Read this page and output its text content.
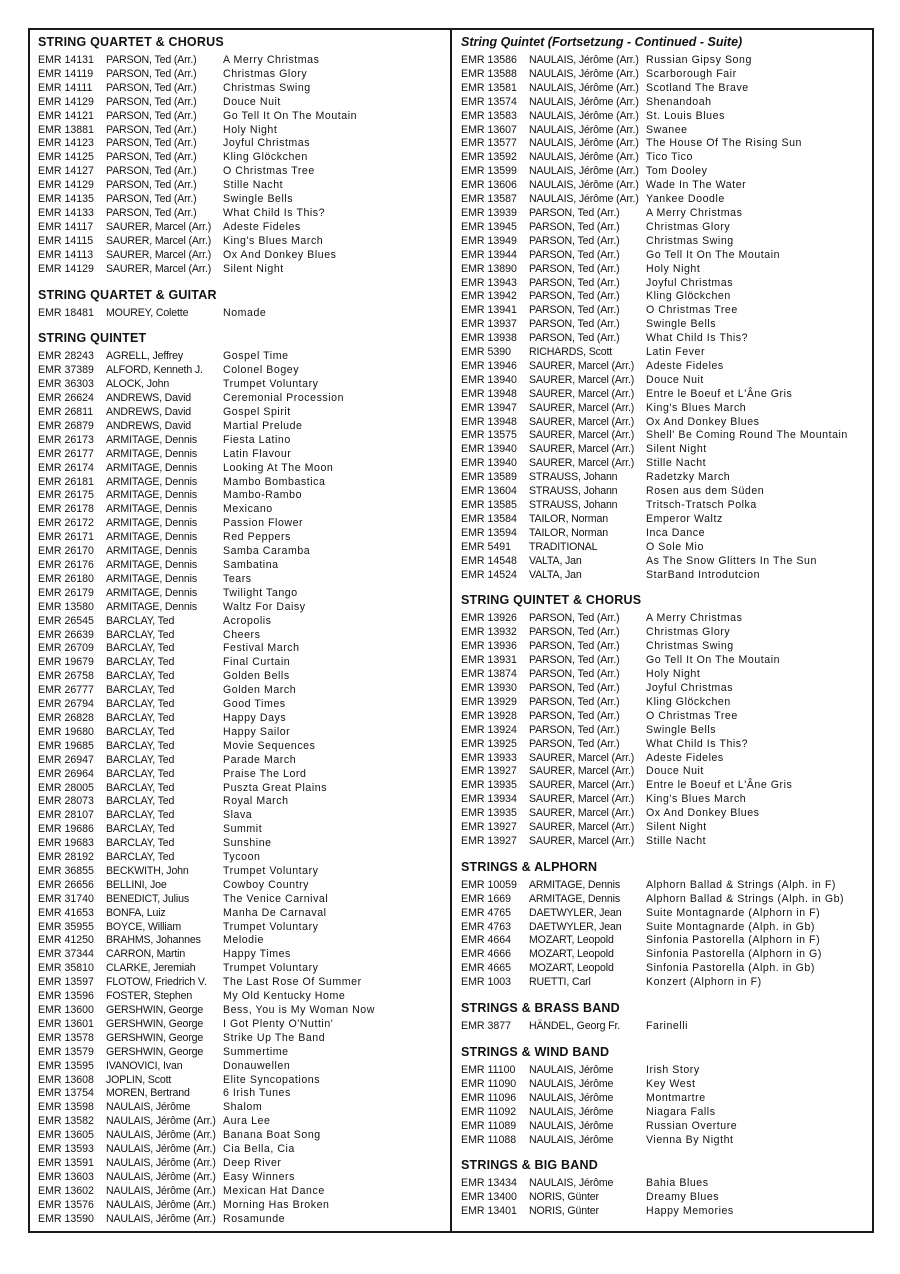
STRING QUARTET & CHORUS
EMR 14131	PARSON, Ted (Arr.)	A Merry Christmas
EMR 14119	PARSON, Ted (Arr.)	Christmas Glory
EMR 14111	PARSON, Ted (Arr.)	Christmas Swing
EMR 14129	PARSON, Ted (Arr.)	Douce Nuit
EMR 14121	PARSON, Ted (Arr.)	Go Tell It On The Moutain
EMR 13881	PARSON, Ted (Arr.)	Holy Night
EMR 14123	PARSON, Ted (Arr.)	Joyful Christmas
EMR 14125	PARSON, Ted (Arr.)	Kling Glöckchen
EMR 14127	PARSON, Ted (Arr.)	O Christmas Tree
EMR 14129	PARSON, Ted (Arr.)	Stille Nacht
EMR 14135	PARSON, Ted (Arr.)	Swingle Bells
EMR 14133	PARSON, Ted (Arr.)	What Child Is This?
EMR 14117	SAURER, Marcel (Arr.)	Adeste Fideles
EMR 14115	SAURER, Marcel (Arr.)	King's Blues March
EMR 14113	SAURER, Marcel (Arr.)	Ox And Donkey Blues
EMR 14129	SAURER, Marcel (Arr.)	Silent Night
STRING QUARTET & GUITAR
EMR 18481	MOUREY, Colette	Nomade
STRING QUINTET
EMR 28243	AGRELL, Jeffrey	Gospel Time
EMR 37389	ALFORD, Kenneth J.	Colonel Bogey
EMR 36303	ALOCK, John	Trumpet Voluntary
EMR 26624	ANDREWS, David	Ceremonial Procession
EMR 26811	ANDREWS, David	Gospel Spirit
EMR 26879	ANDREWS, David	Martial Prelude
EMR 26173	ARMITAGE, Dennis	Fiesta Latino
EMR 26177	ARMITAGE, Dennis	Latin Flavour
EMR 26174	ARMITAGE, Dennis	Looking At The Moon
EMR 26181	ARMITAGE, Dennis	Mambo Bombastica
EMR 26175	ARMITAGE, Dennis	Mambo-Rambo
EMR 26178	ARMITAGE, Dennis	Mexicano
EMR 26172	ARMITAGE, Dennis	Passion Flower
EMR 26171	ARMITAGE, Dennis	Red Peppers
EMR 26170	ARMITAGE, Dennis	Samba Caramba
EMR 26176	ARMITAGE, Dennis	Sambatina
EMR 26180	ARMITAGE, Dennis	Tears
EMR 26179	ARMITAGE, Dennis	Twilight Tango
EMR 13580	ARMITAGE, Dennis	Waltz For Daisy
EMR 26545	BARCLAY, Ted	Acropolis
EMR 26639	BARCLAY, Ted	Cheers
EMR 26709	BARCLAY, Ted	Festival March
EMR 19679	BARCLAY, Ted	Final Curtain
EMR 26758	BARCLAY, Ted	Golden Bells
EMR 26777	BARCLAY, Ted	Golden March
EMR 26794	BARCLAY, Ted	Good Times
EMR 26828	BARCLAY, Ted	Happy Days
EMR 19680	BARCLAY, Ted	Happy Sailor
EMR 19685	BARCLAY, Ted	Movie Sequences
EMR 26947	BARCLAY, Ted	Parade March
EMR 26964	BARCLAY, Ted	Praise The Lord
EMR 28005	BARCLAY, Ted	Puszta Great Plains
EMR 28073	BARCLAY, Ted	Royal March
EMR 28107	BARCLAY, Ted	Slava
EMR 19686	BARCLAY, Ted	Summit
EMR 19683	BARCLAY, Ted	Sunshine
EMR 28192	BARCLAY, Ted	Tycoon
EMR 36855	BECKWITH, John	Trumpet Voluntary
EMR 26656	BELLINI, Joe	Cowboy Country
EMR 31740	BENEDICT, Julius	The Venice Carnival
EMR 41653	BONFA, Luiz	Manha De Carnaval
EMR 35955	BOYCE, William	Trumpet Voluntary
EMR 41250	BRAHMS, Johannes	Melodie
EMR 37344	CARRON, Martin	Happy Times
EMR 35810	CLARKE, Jeremiah	Trumpet Voluntary
EMR 13597	FLOTOW, Friedrich V.	The Last Rose Of Summer
EMR 13596	FOSTER, Stephen	My Old Kentucky Home
EMR 13600	GERSHWIN, George	Bess, You is My Woman Now
EMR 13601	GERSHWIN, George	I Got Plenty O'Nuttin'
EMR 13578	GERSHWIN, George	Strike Up The Band
EMR 13579	GERSHWIN, George	Summertime
EMR 13595	IVANOVICI, Ivan	Donauwellen
EMR 13608	JOPLIN, Scott	Elite Syncopations
EMR 13754	MOREN, Bertrand	6 Irish Tunes
EMR 13598	NAULAIS, Jérôme	Shalom
EMR 13582	NAULAIS, Jérôme (Arr.) Aura Lee
EMR 13605	NAULAIS, Jérôme (Arr.) Banana Boat Song
EMR 13593	NAULAIS, Jérôme (Arr.) Cia Bella, Cia
EMR 13591	NAULAIS, Jérôme (Arr.) Deep River
EMR 13603	NAULAIS, Jérôme (Arr.) Easy Winners
EMR 13602	NAULAIS, Jérôme (Arr.) Mexican Hat Dance
EMR 13576	NAULAIS, Jérôme (Arr.) Morning Has Broken
EMR 13590	NAULAIS, Jérôme (Arr.) Rosamunde
String Quintet (Fortsetzung - Continued - Suite)
EMR 13586	NAULAIS, Jérôme (Arr.) Russian Gipsy Song
EMR 13588	NAULAIS, Jérôme (Arr.) Scarborough Fair
EMR 13581	NAULAIS, Jérôme (Arr.) Scotland The Brave
EMR 13574	NAULAIS, Jérôme (Arr.) Shenandoah
EMR 13583	NAULAIS, Jérôme (Arr.) St. Louis Blues
EMR 13607	NAULAIS, Jérôme (Arr.) Swanee
EMR 13577	NAULAIS, Jérôme (Arr.) The House Of The Rising Sun
EMR 13592	NAULAIS, Jérôme (Arr.) Tico Tico
EMR 13599	NAULAIS, Jérôme (Arr.) Tom Dooley
EMR 13606	NAULAIS, Jérôme (Arr.) Wade In The Water
EMR 13587	NAULAIS, Jérôme (Arr.) Yankee Doodle
EMR 13939	PARSON, Ted (Arr.)	A Merry Christmas
EMR 13945	PARSON, Ted (Arr.)	Christmas Glory
EMR 13949	PARSON, Ted (Arr.)	Christmas Swing
EMR 13944	PARSON, Ted (Arr.)	Go Tell It On The Moutain
EMR 13890	PARSON, Ted (Arr.)	Holy Night
EMR 13943	PARSON, Ted (Arr.)	Joyful Christmas
EMR 13942	PARSON, Ted (Arr.)	Kling Glöckchen
EMR 13941	PARSON, Ted (Arr.)	O Christmas Tree
EMR 13937	PARSON, Ted (Arr.)	Swingle Bells
EMR 13938	PARSON, Ted (Arr.)	What Child Is This?
EMR 5390	RICHARDS, Scott	Latin Fever
EMR 13946	SAURER, Marcel (Arr.)	Adeste Fideles
EMR 13940	SAURER, Marcel (Arr.)	Douce Nuit
EMR 13948	SAURER, Marcel (Arr.)	Entre le Boeuf et L'Âne Gris
EMR 13947	SAURER, Marcel (Arr.)	King's Blues March
EMR 13948	SAURER, Marcel (Arr.)	Ox And Donkey Blues
EMR 13575	SAURER, Marcel (Arr.)	Shell' Be Coming Round The Mountain
EMR 13940	SAURER, Marcel (Arr.)	Silent Night
EMR 13940	SAURER, Marcel (Arr.)	Stille Nacht
EMR 13589	STRAUSS, Johann	Radetzky March
EMR 13604	STRAUSS, Johann	Rosen aus dem Süden
EMR 13585	STRAUSS, Johann	Tritsch-Tratsch Polka
EMR 13584	TAILOR, Norman	Emperor Waltz
EMR 13594	TAILOR, Norman	Inca Dance
EMR 5491	TRADITIONAL	O Sole Mio
EMR 14548	VALTA, Jan	As The Snow Glitters In The Sun
EMR 14524	VALTA, Jan	StarBand Introdutcion
STRING QUINTET & CHORUS
EMR 13926	PARSON, Ted (Arr.)	A Merry Christmas
EMR 13932	PARSON, Ted (Arr.)	Christmas Glory
EMR 13936	PARSON, Ted (Arr.)	Christmas Swing
EMR 13931	PARSON, Ted (Arr.)	Go Tell It On The Moutain
EMR 13874	PARSON, Ted (Arr.)	Holy Night
EMR 13930	PARSON, Ted (Arr.)	Joyful Christmas
EMR 13929	PARSON, Ted (Arr.)	Kling Glöckchen
EMR 13928	PARSON, Ted (Arr.)	O Christmas Tree
EMR 13924	PARSON, Ted (Arr.)	Swingle Bells
EMR 13925	PARSON, Ted (Arr.)	What Child Is This?
EMR 13933	SAURER, Marcel (Arr.)	Adeste Fideles
EMR 13927	SAURER, Marcel (Arr.)	Douce Nuit
EMR 13935	SAURER, Marcel (Arr.)	Entre le Boeuf et L'Âne Gris
EMR 13934	SAURER, Marcel (Arr.)	King's Blues March
EMR 13935	SAURER, Marcel (Arr.)	Ox And Donkey Blues
EMR 13927	SAURER, Marcel (Arr.)	Silent Night
EMR 13927	SAURER, Marcel (Arr.)	Stille Nacht
STRINGS & ALPHORN
EMR 10059	ARMITAGE, Dennis	Alphorn Ballad & Strings (Alph. in F)
EMR 1669	ARMITAGE, Dennis	Alphorn Ballad & Strings (Alph. in Gb)
EMR 4765	DAETWYLER, Jean	Suite Montagnarde (Alphorn in F)
EMR 4763	DAETWYLER, Jean	Suite Montagnarde (Alph. in Gb)
EMR 4664	MOZART, Leopold	Sinfonia Pastorella (Alphorn in F)
EMR 4666	MOZART, Leopold	Sinfonia Pastorella (Alphorn in G)
EMR 4665	MOZART, Leopold	Sinfonia Pastorella (Alph. in Gb)
EMR 1003	RUETTI, Carl	Konzert (Alphorn in F)
STRINGS & BRASS BAND
EMR 3877	HÄNDEL, Georg Fr.	Farinelli
STRINGS & WIND BAND
EMR 11100	NAULAIS, Jérôme	Irish Story
EMR 11090	NAULAIS, Jérôme	Key West
EMR 11096	NAULAIS, Jérôme	Montmartre
EMR 11092	NAULAIS, Jérôme	Niagara Falls
EMR 11089	NAULAIS, Jérôme	Russian Overture
EMR 11088	NAULAIS, Jérôme	Vienna By Nigtht
STRINGS & BIG BAND
EMR 13434	NAULAIS, Jérôme	Bahia Blues
EMR 13400	NORIS, Günter	Dreamy Blues
EMR 13401	NORIS, Günter	Happy Memories
